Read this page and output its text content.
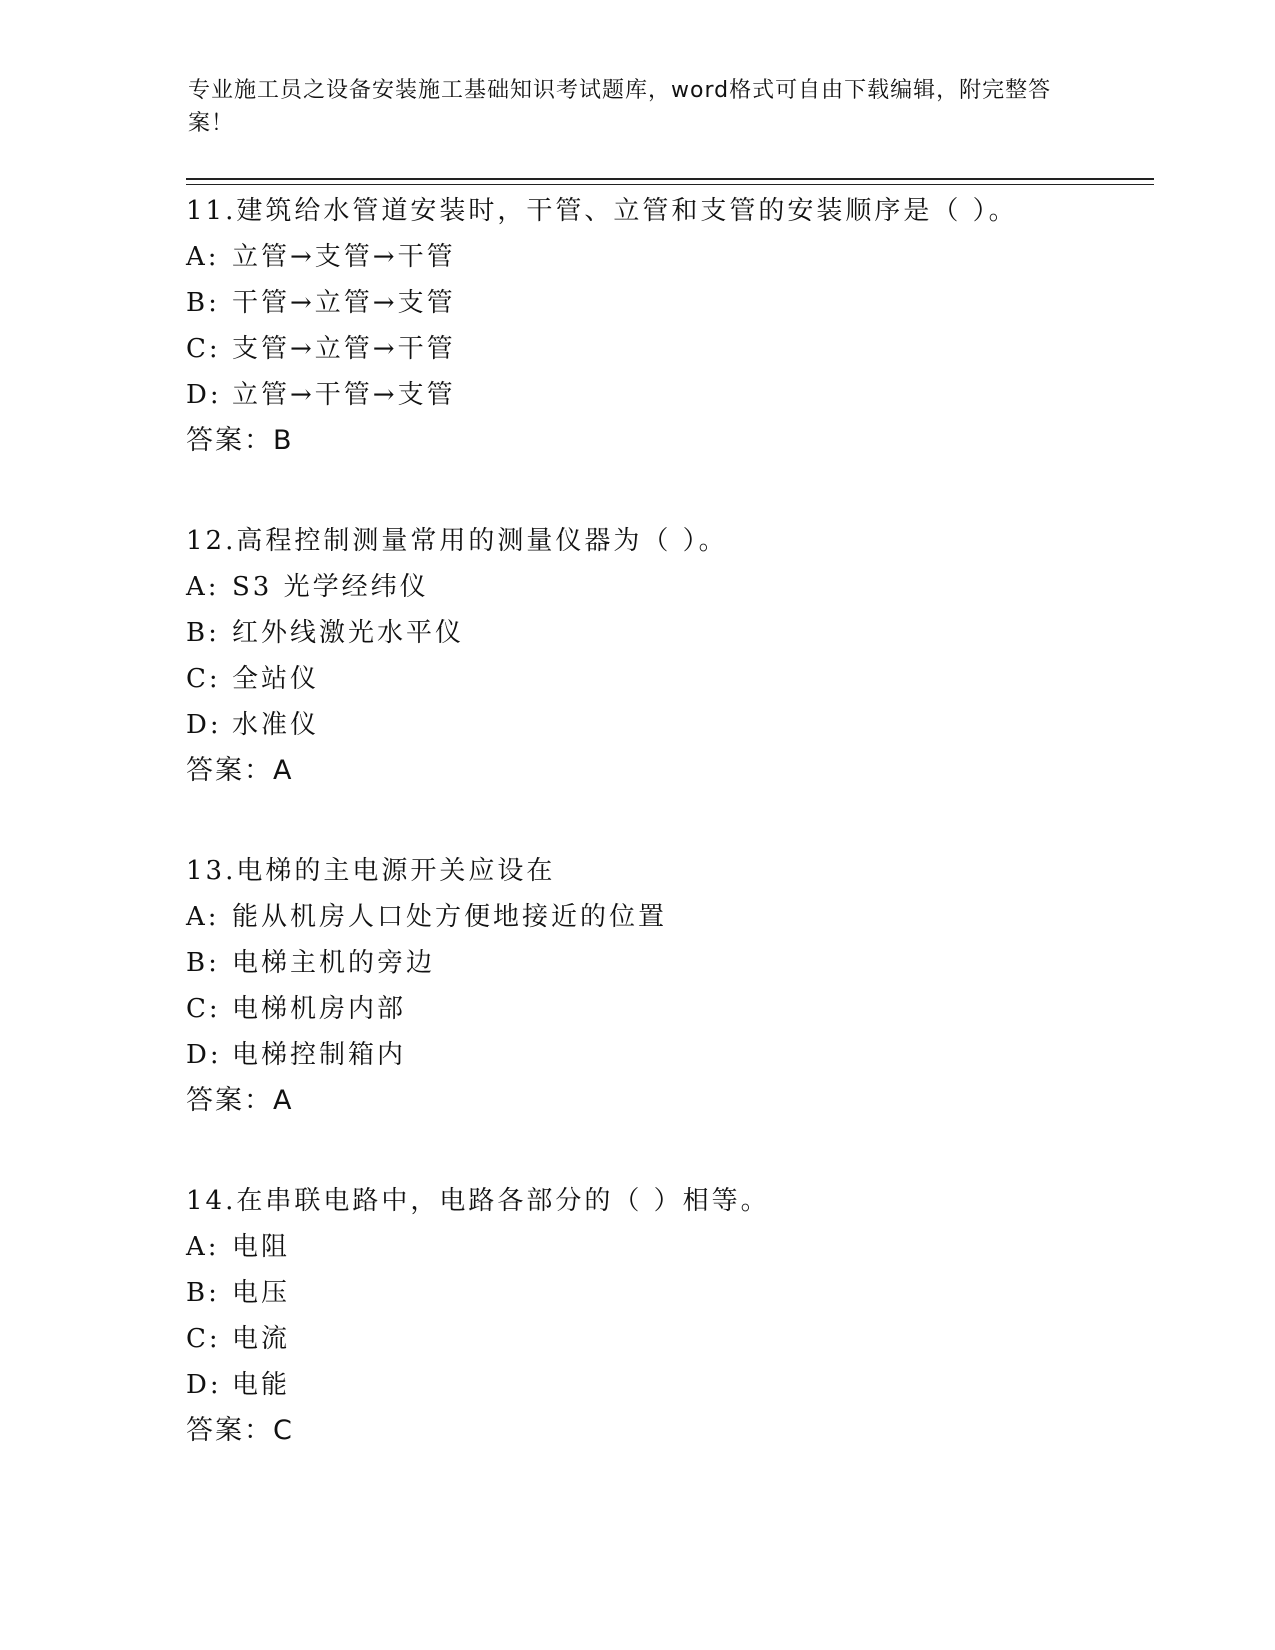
专业施工员之设备安装施工基础知识考试题库，word格式可自由下载编辑，附完整答案！
11.建筑给水管道安装时，干管、立管和支管的安装顺序是（ ）。
A: 立管→支管→干管
B: 干管→立管→支管
C: 支管→立管→干管
D: 立管→干管→支管
答案：B
12.高程控制测量常用的测量仪器为（ ）。
A: S3 光学经纬仪
B: 红外线激光水平仪
C: 全站仪
D: 水准仪
答案：A
13.电梯的主电源开关应设在
A: 能从机房人口处方便地接近的位置
B: 电梯主机的旁边
C: 电梯机房内部
D: 电梯控制箱内
答案：A
14.在串联电路中，电路各部分的（ ）相等。
A: 电阻
B: 电压
C: 电流
D: 电能
答案：C
